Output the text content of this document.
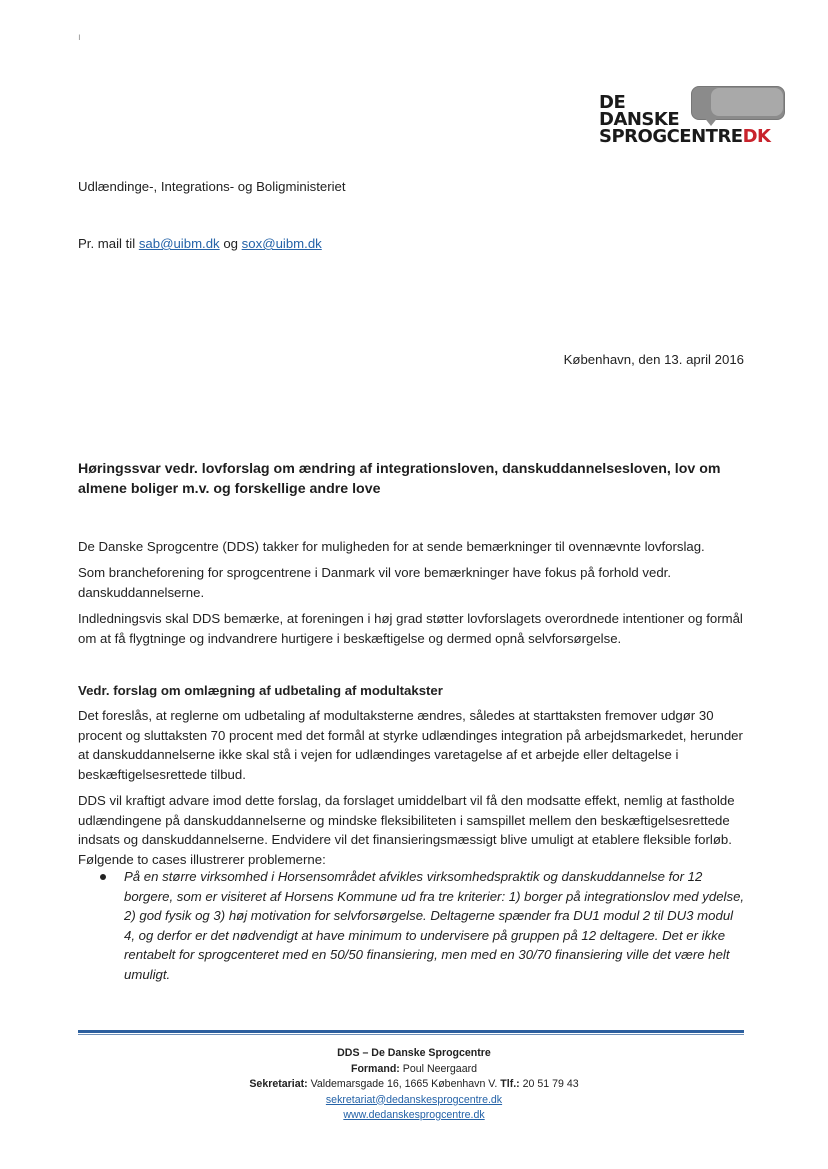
ı
DE
DANSKE
SPROGCENTREDK
Udlændinge-, Integrations- og Boligministeriet
Pr. mail til sab@uibm.dk og sox@uibm.dk
København, den 13. april 2016
Høringssvar vedr. lovforslag om ændring af integrationsloven, danskuddannelsesloven, lov om almene boliger m.v. og forskellige andre love
De Danske Sprogcentre (DDS) takker for muligheden for at sende bemærkninger til ovennævnte lovforslag.
Som brancheforening for sprogcentrene i Danmark vil vore bemærkninger have fokus på forhold vedr. danskuddannelserne.
Indledningsvis skal DDS bemærke, at foreningen i høj grad støtter lovforslagets overordnede intentioner og formål om at få flygtninge og indvandrere hurtigere i beskæftigelse og dermed opnå selvforsørgelse.
Vedr. forslag om omlægning af udbetaling af modultakster
Det foreslås, at reglerne om udbetaling af modultaksterne ændres, således at starttaksten fremover udgør 30 procent og sluttaksten 70 procent med det formål at styrke udlændinges integration på arbejdsmarkedet, herunder at danskuddannelserne ikke skal stå i vejen for udlændinges varetagelse af et arbejde eller deltagelse i beskæftigelsesrettede tilbud.
DDS vil kraftigt advare imod dette forslag, da forslaget umiddelbart vil få den modsatte effekt, nemlig at fastholde udlændingene på danskuddannelserne og mindske fleksibiliteten i samspillet mellem den beskæftigelsesrettede indsats og danskuddannelserne. Endvidere vil det finansieringsmæssigt blive umuligt at etablere fleksible forløb. Følgende to cases illustrerer problemerne:
På en større virksomhed i Horsensområdet afvikles virksomhedspraktik og danskuddannelse for 12 borgere, som er visiteret af Horsens Kommune ud fra tre kriterier: 1) borger på integrationslov med ydelse, 2) god fysik og 3) høj motivation for selvforsørgelse. Deltagerne spænder fra DU1 modul 2 til DU3 modul 4, og derfor er det nødvendigt at have minimum to undervisere på gruppen på 12 deltagere. Det er ikke rentabelt for sprogcenteret med en 50/50 finansiering, men med en 30/70 finansiering ville det være helt umuligt.
DDS – De Danske Sprogcentre
Formand: Poul Neergaard
Sekretariat: Valdemarsgade 16, 1665 København V. Tlf.: 20 51 79 43
sekretariat@dedanskesprogcentre.dk
www.dedanskesprogcentre.dk
